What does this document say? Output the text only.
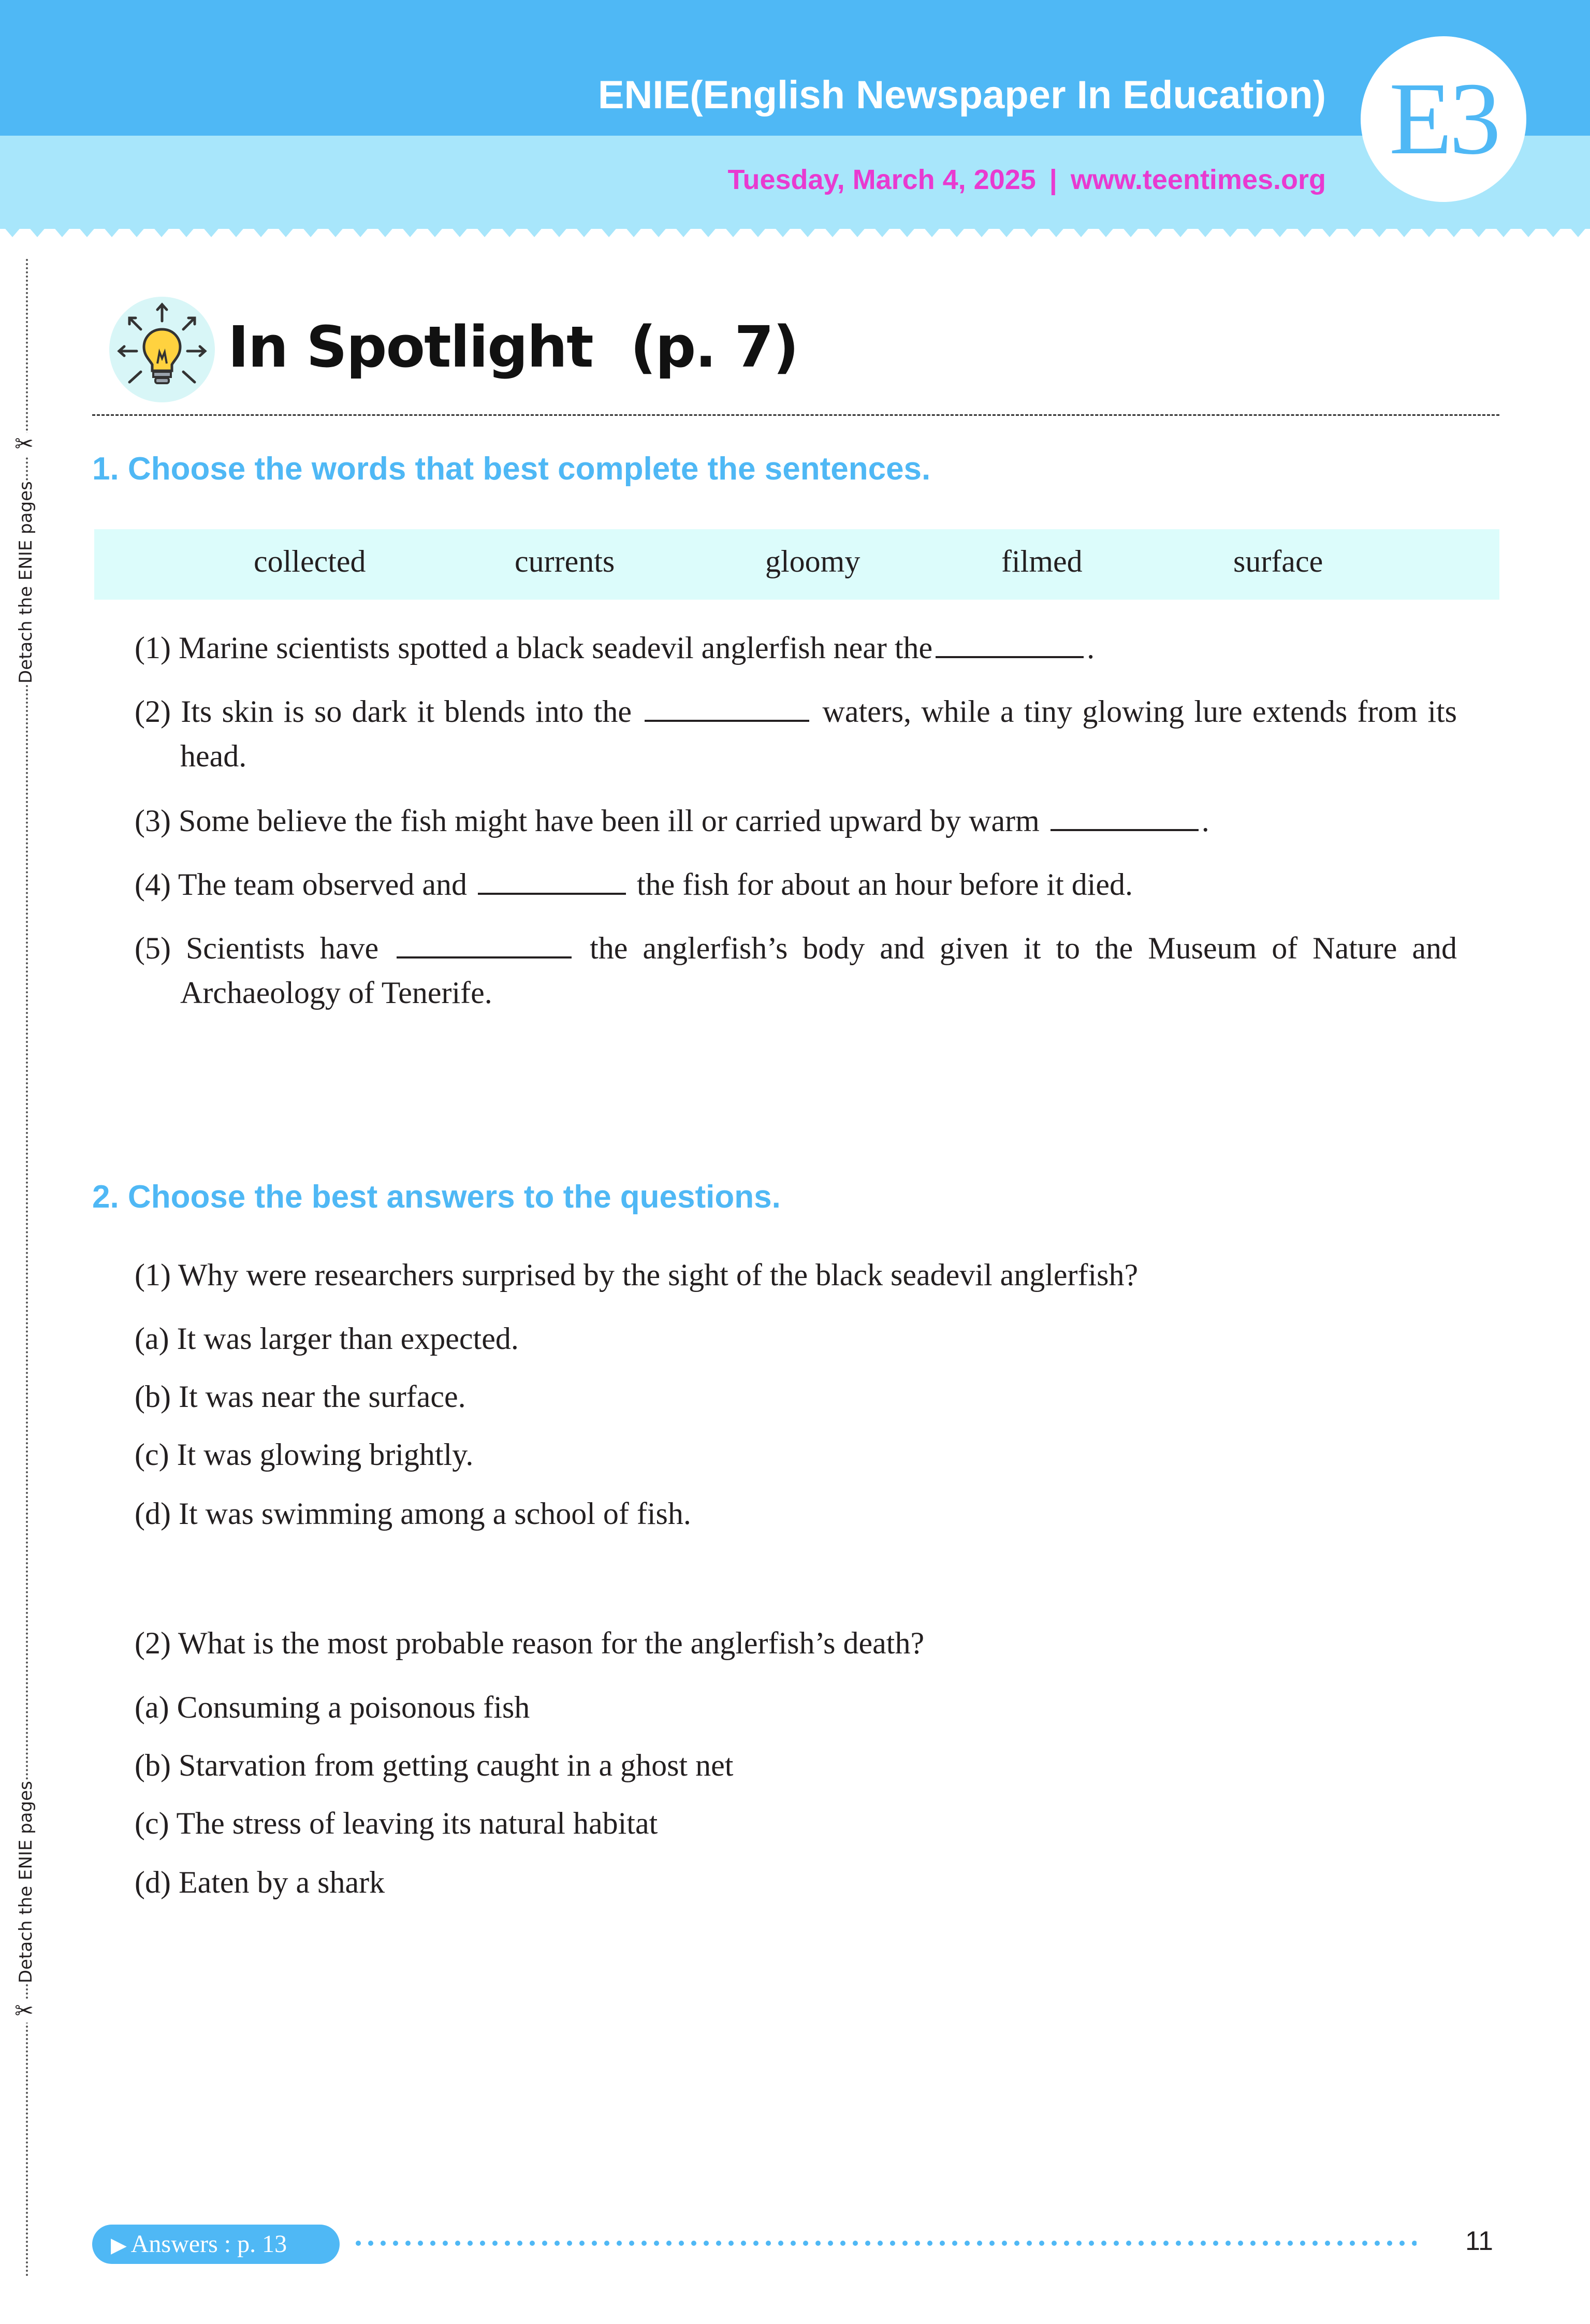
ENIE(English Newspaper In Education)
Tuesday, March 4, 2025 | www.teentimes.org
E3
✂
Detach the ENIE pages
Detach the ENIE pages
✂
In Spotlight (p. 7)
1. Choose the words that best complete the sentences.
collected	currents	gloomy	filmed	surface
(1) Marine scientists spotted a black seadevil anglerfish near the	.
(2) Its skin is so dark it blends into the	waters, while a tiny glowing lure extends from its head.
(3) Some believe the fish might have been ill or carried upward by warm	.
(4) The team observed and	the fish for about an hour before it died.
(5) Scientists have	the anglerfish’s body and given it to the Museum of Nature and Archaeology of Tenerife.
2. Choose the best answers to the questions.
(1) Why were researchers surprised by the sight of the black seadevil anglerfish?
(a) It was larger than expected.
(b) It was near the surface.
(c) It was glowing brightly.
(d) It was swimming among a school of fish.
(2) What is the most probable reason for the anglerfish’s death?
(a) Consuming a poisonous fish
(b) Starvation from getting caught in a ghost net
(c) The stress of leaving its natural habitat
(d) Eaten by a shark
▶ Answers : p. 13	11
